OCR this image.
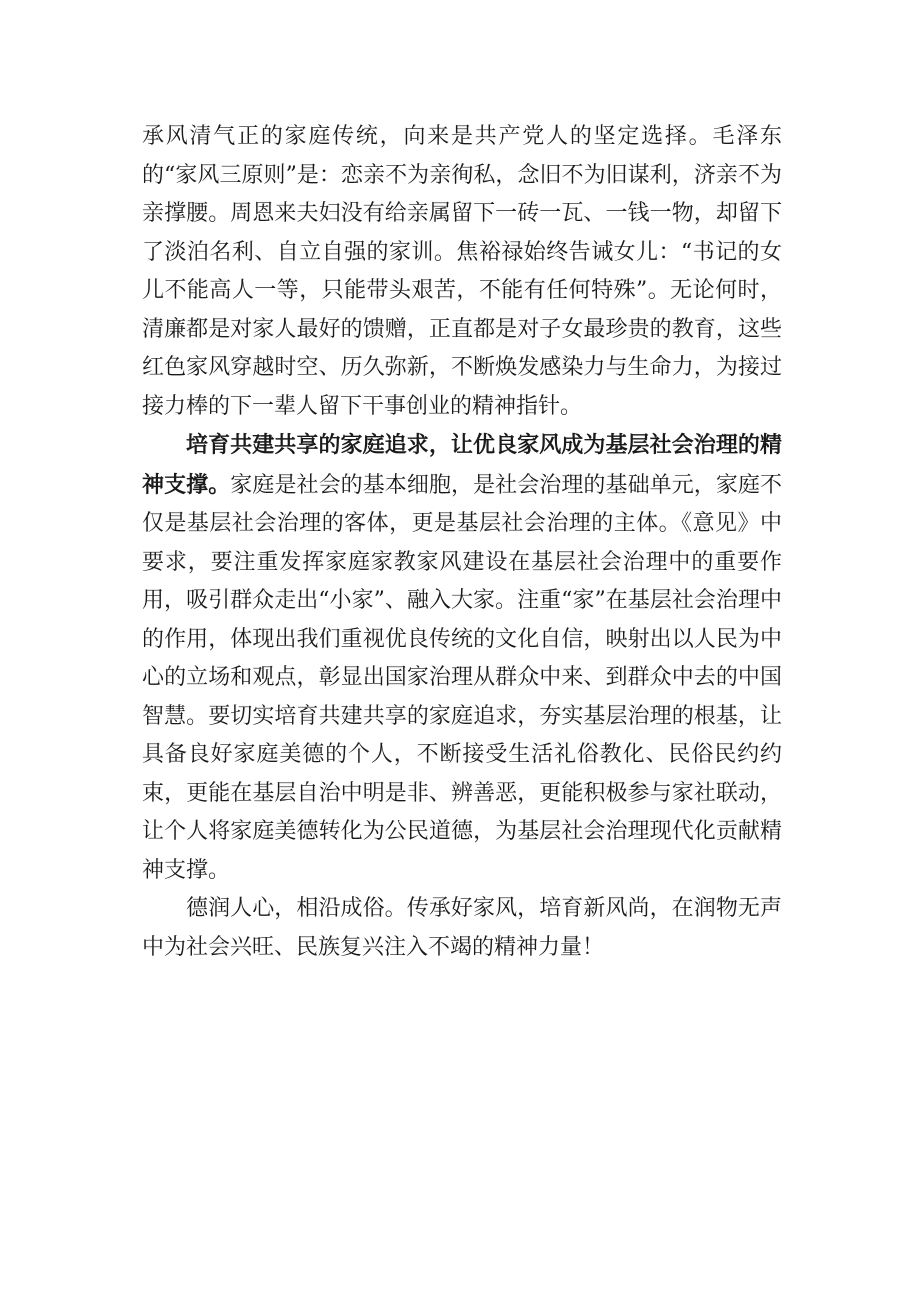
承风清气正的家庭传统，向来是共产党人的坚定选择。毛泽东的“家风三原则”是：恋亲不为亲徇私，念旧不为旧谋利，济亲不为亲撑腰。周恩来夫妇没有给亲属留下一砖一瓦、一钱一物，却留下了淡泊名利、自立自强的家训。焦裕禄始终告诫女儿：“书记的女儿不能高人一等，只能带头艰苦，不能有任何特殊”。无论何时，清廉都是对家人最好的馈赠，正直都是对子女最珍贵的教育，这些红色家风穿越时空、历久弥新，不断焕发感染力与生命力，为接过接力棒的下一辈人留下干事创业的精神指针。

培育共建共享的家庭追求，让优良家风成为基层社会治理的精神支撑。家庭是社会的基本细胞，是社会治理的基础单元，家庭不仅是基层社会治理的客体，更是基层社会治理的主体。《意见》中要求，要注重发挥家庭家教家风建设在基层社会治理中的重要作用，吸引群众走出“小家”、融入大家。注重“家”在基层社会治理中的作用，体现出我们重视优良传统的文化自信，映射出以人民为中心的立场和观点，彰显出国家治理从群众中来、到群众中去的中国智慧。要切实培育共建共享的家庭追求，夯实基层治理的根基，让具备良好家庭美德的个人，不断接受生活礼俗教化、民俗民约约束，更能在基层自治中明是非、辨善恶，更能积极参与家社联动，让个人将家庭美德转化为公民道德，为基层社会治理现代化贡献精神支撑。

德润人心，相沿成俗。传承好家风，培育新风尚，在润物无声中为社会兴旺、民族复兴注入不竭的精神力量！
